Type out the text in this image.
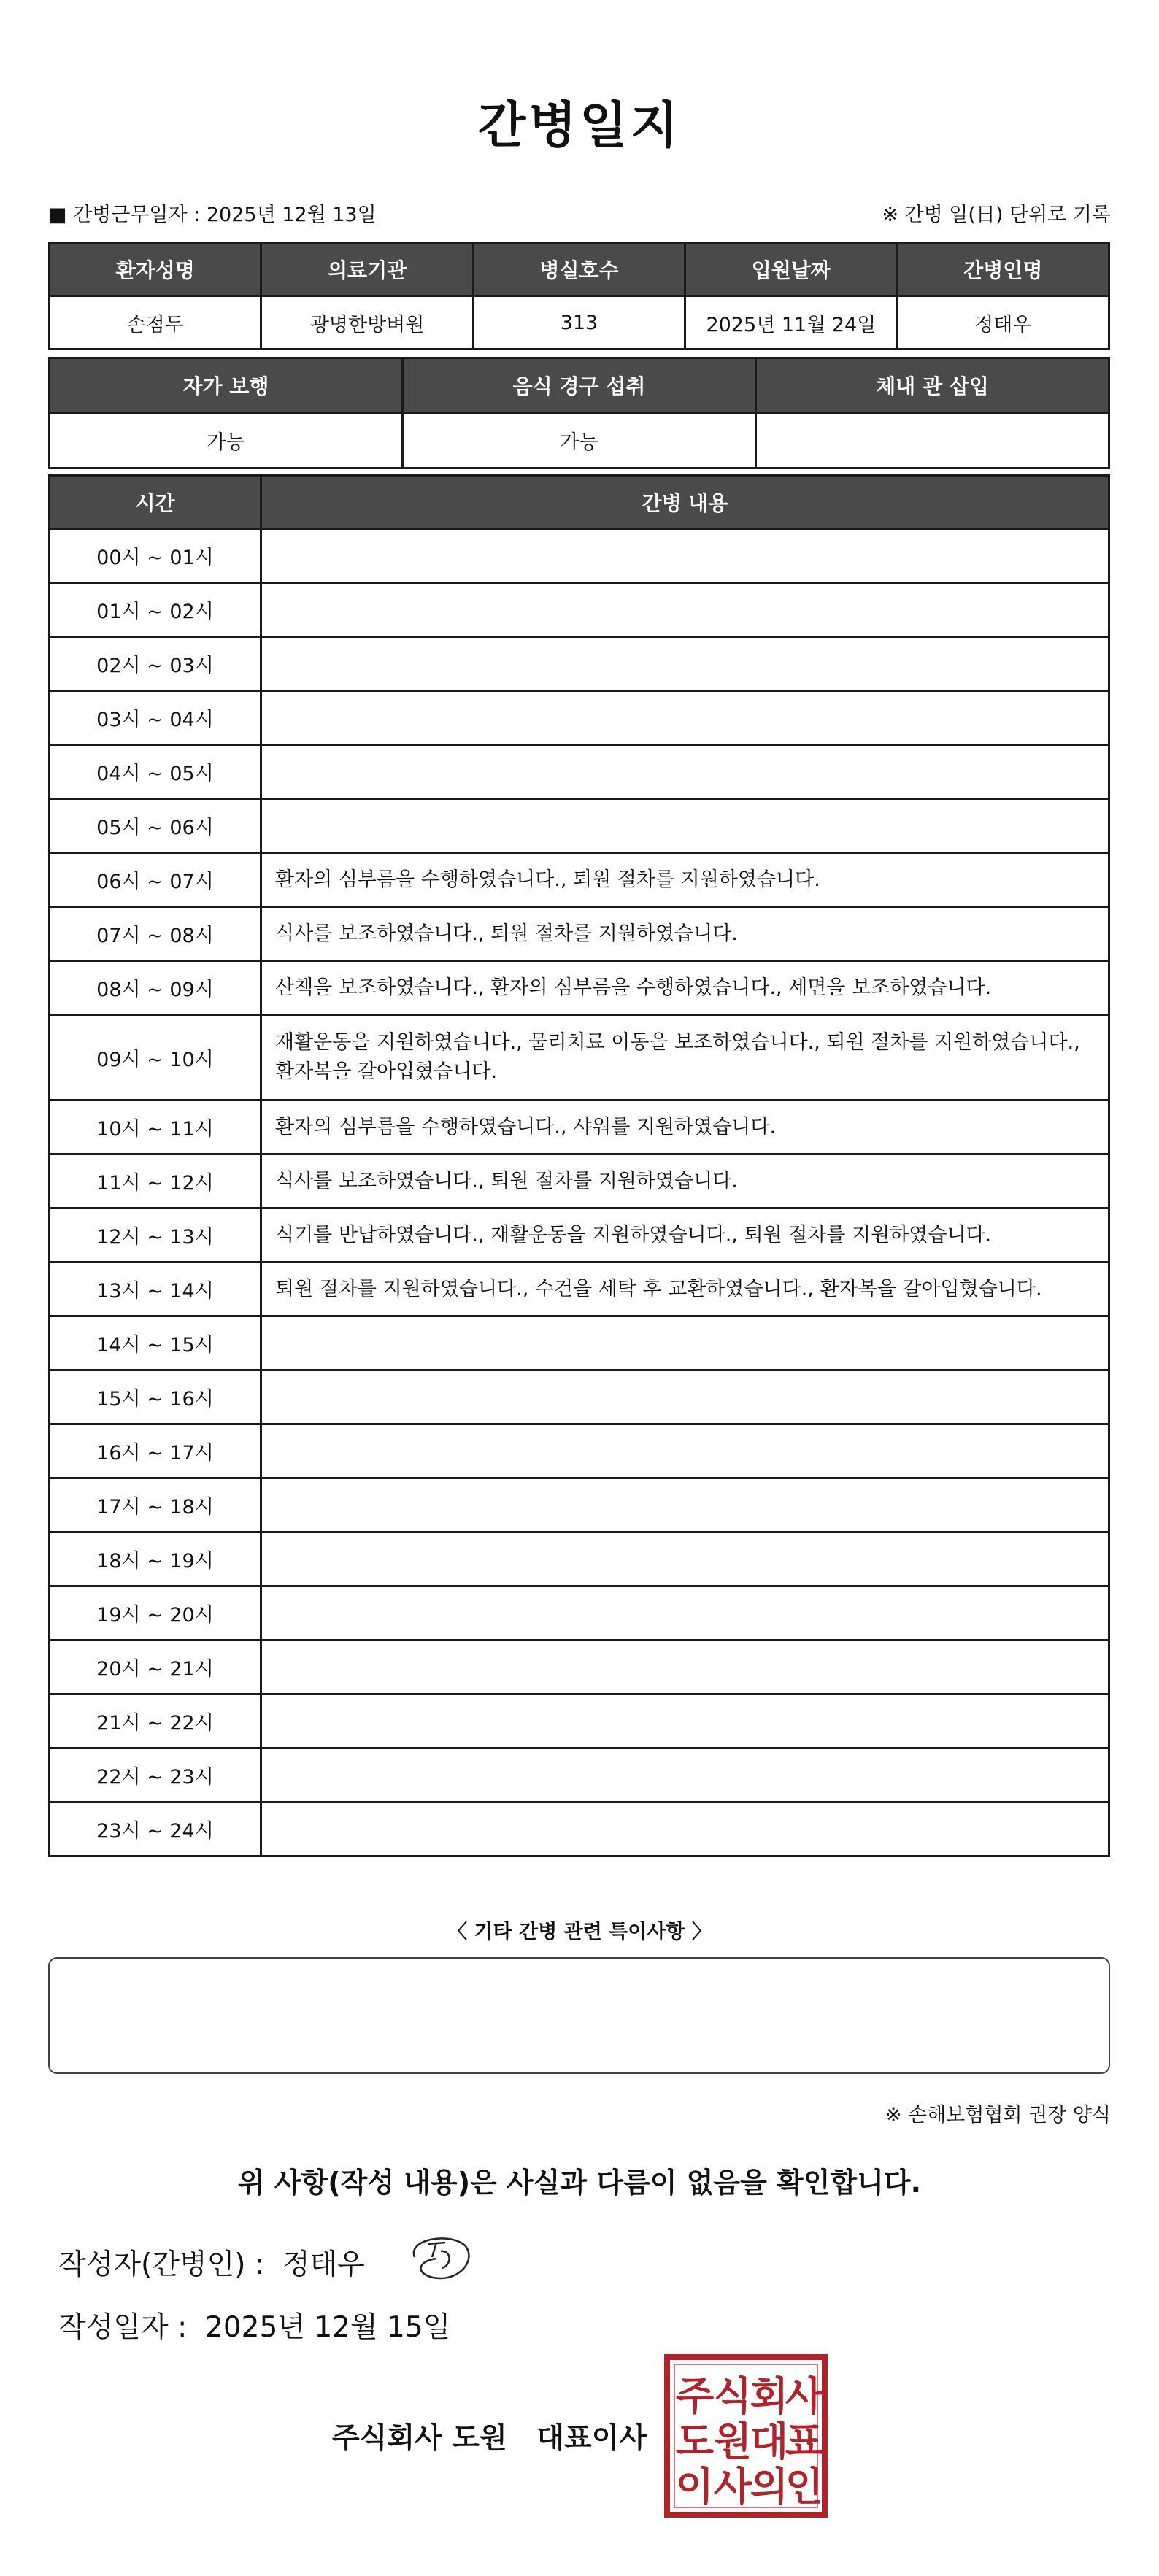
간병일지
■ 간병근무일자 : 2025년 12월 13일	※ 간병 일(日) 단위로 기록
환자성명	의료기관	병실호수	입원날짜	간병인명
손점두	광명한방벼원	313	2025년 11월 24일	정태우
자가 보행	음식 경구 섭취	체내 관 삽입
가능	가능	
시간	간병 내용
00시 ~ 01시	
01시 ~ 02시	
02시 ~ 03시	
03시 ~ 04시	
04시 ~ 05시	
05시 ~ 06시	
06시 ~ 07시	환자의 심부름을 수행하였습니다., 퇴원 절차를 지원하였습니다.
07시 ~ 08시	식사를 보조하였습니다., 퇴원 절차를 지원하였습니다.
08시 ~ 09시	산책을 보조하였습니다., 환자의 심부름을 수행하였습니다., 세면을 보조하였습니다.
09시 ~ 10시	재활운동을 지원하였습니다., 물리치료 이동을 보조하였습니다., 퇴원 절차를 지원하였습니다., 환자복을 갈아입혔습니다.
10시 ~ 11시	환자의 심부름을 수행하였습니다., 샤워를 지원하였습니다.
11시 ~ 12시	식사를 보조하였습니다., 퇴원 절차를 지원하였습니다.
12시 ~ 13시	식기를 반납하였습니다., 재활운동을 지원하였습니다., 퇴원 절차를 지원하였습니다.
13시 ~ 14시	퇴원 절차를 지원하였습니다., 수건을 세탁 후 교환하였습니다., 환자복을 갈아입혔습니다.
14시 ~ 15시	
15시 ~ 16시	
16시 ~ 17시	
17시 ~ 18시	
18시 ~ 19시	
19시 ~ 20시	
20시 ~ 21시	
21시 ~ 22시	
22시 ~ 23시	
23시 ~ 24시	
〈 기타 간병 관련 특이사항 〉
※ 손해보험협회 권장 양식
위 사항(작성 내용)은 사실과 다름이 없음을 확인합니다.
작성자(간병인) : 정태우
작성일자 : 2025년 12월 15일
주식회사 도원   대표이사
주 식
회
사
도 원
대
표
이 사
의
인
